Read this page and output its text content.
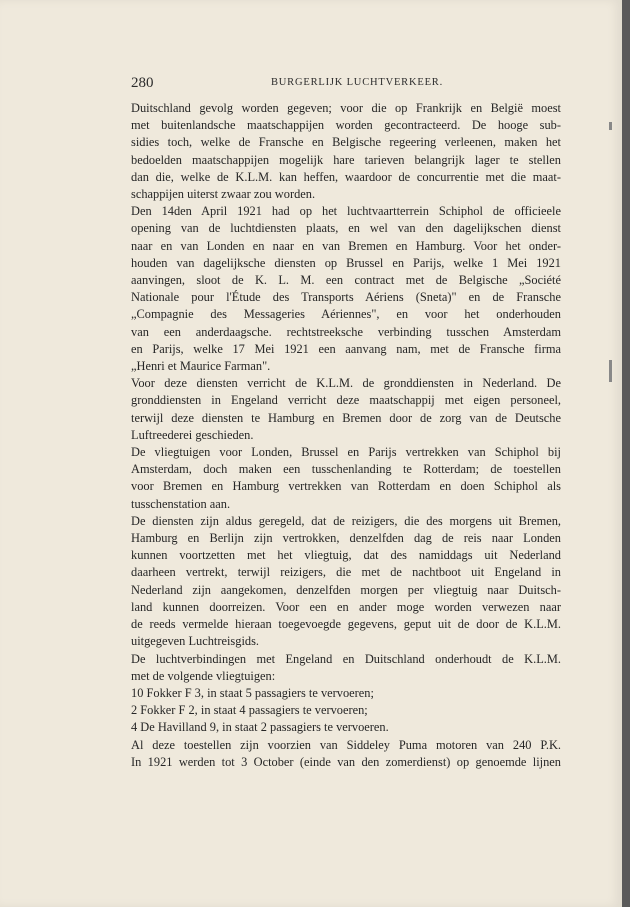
280	BURGERLIJK LUCHTVERKEER.
Duitschland gevolg worden gegeven; voor die op Frankrijk en België moest
met buitenlandsche maatschappijen worden gecontracteerd. De hooge sub-
sidies toch, welke de Fransche en Belgische regeering verleenen, maken het
bedoelden maatschappijen mogelijk hare tarieven belangrijk lager te stellen
dan die, welke de K.L.M. kan heffen, waardoor de concurrentie met die maat-
schappijen uiterst zwaar zou worden.
Den 14den April 1921 had op het luchtvaartterrein Schiphol de officieele
opening van de luchtdiensten plaats, en wel van den dagelijkschen dienst
naar en van Londen en naar en van Bremen en Hamburg. Voor het onder-
houden van dagelijksche diensten op Brussel en Parijs, welke 1 Mei 1921
aanvingen, sloot de K. L. M. een contract met de Belgische „Société
Nationale pour l'Étude des Transports Aériens (Sneta)" en de Fransche
„Compagnie des Messageries Aériennes", en voor het onderhouden
van een anderdaagsche. rechtstreeksche verbinding tusschen Amsterdam
en Parijs, welke 17 Mei 1921 een aanvang nam, met de Fransche firma
„Henri et Maurice Farman".
Voor deze diensten verricht de K.L.M. de gronddiensten in Nederland. De
gronddiensten in Engeland verricht deze maatschappij met eigen personeel,
terwijl deze diensten te Hamburg en Bremen door de zorg van de Deutsche
Luftreederei geschieden.
De vliegtuigen voor Londen, Brussel en Parijs vertrekken van Schiphol bij
Amsterdam, doch maken een tusschenlanding te Rotterdam; de toestellen
voor Bremen en Hamburg vertrekken van Rotterdam en doen Schiphol als
tusschenstation aan.
De diensten zijn aldus geregeld, dat de reizigers, die des morgens uit Bremen,
Hamburg en Berlijn zijn vertrokken, denzelfden dag de reis naar Londen
kunnen voortzetten met het vliegtuig, dat des namiddags uit Nederland
daarheen vertrekt, terwijl reizigers, die met de nachtboot uit Engeland in
Nederland zijn aangekomen, denzelfden morgen per vliegtuig naar Duitsch-
land kunnen doorreizen. Voor een en ander moge worden verwezen naar
de reeds vermelde hieraan toegevoegde gegevens, geput uit de door de K.L.M.
uitgegeven Luchtreisgids.
De luchtverbindingen met Engeland en Duitschland onderhoudt de K.L.M.
met de volgende vliegtuigen:
10 Fokker F 3, in staat 5 passagiers te vervoeren;
2 Fokker F 2, in staat 4 passagiers te vervoeren;
4 De Havilland 9, in staat 2 passagiers te vervoeren.
Al deze toestellen zijn voorzien van Siddeley Puma motoren van 240 P.K.
In 1921 werden tot 3 October (einde van den zomerdienst) op genoemde lijnen
